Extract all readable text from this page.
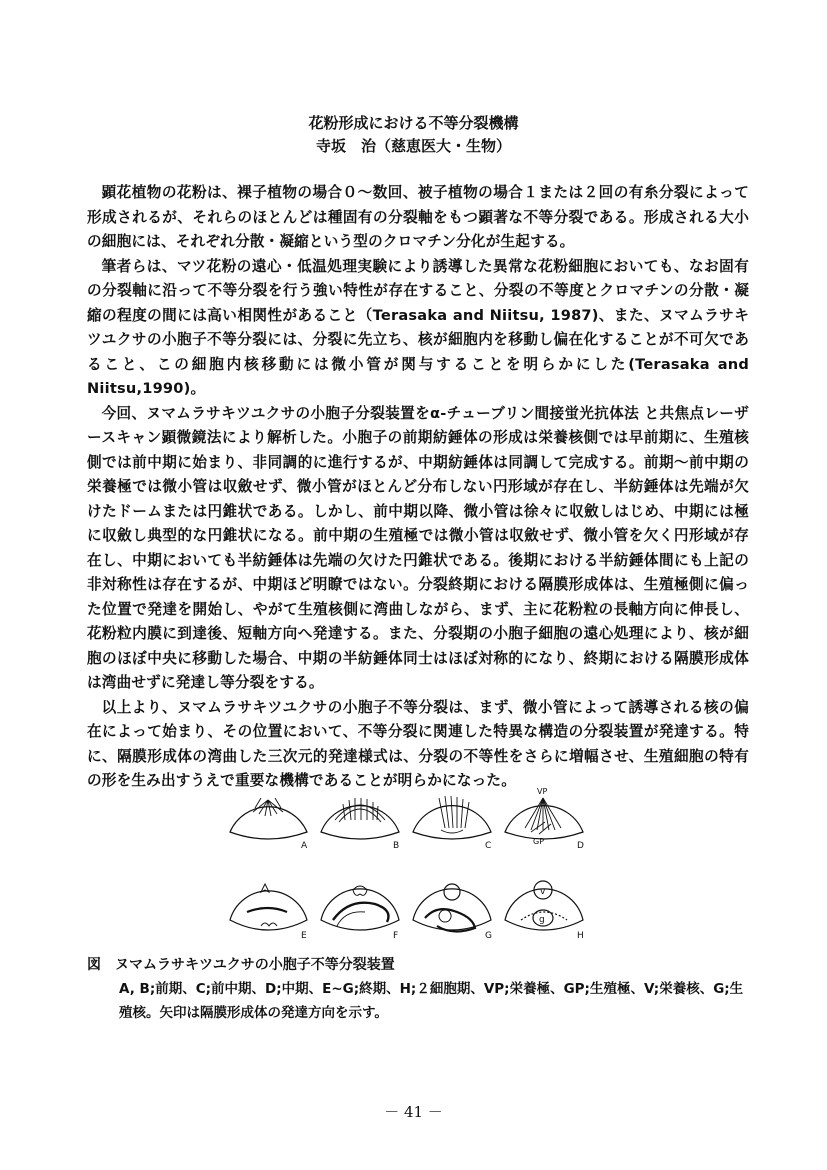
花粉形成における不等分裂機構
寺坂　治（慈恵医大・生物）

顕花植物の花粉は、裸子植物の場合０～数回、被子植物の場合１または２回の有糸分裂によって形成されるが、それらのほとんどは種固有の分裂軸をもつ顕著な不等分裂である。形成される大小の細胞には、それぞれ分散・凝縮という型のクロマチン分化が生起する。

筆者らは、マツ花粉の遠心・低温処理実験により誘導した異常な花粉細胞においても、なお固有の分裂軸に沿って不等分裂を行う強い特性が存在すること、分裂の不等度とクロマチンの分散・凝縮の程度の間には高い相関性があること（Terasaka and Niitsu, 1987)、また、ヌマムラサキツユクサの小胞子不等分裂には、分裂に先立ち、核が細胞内を移動し偏在化することが不可欠であること、この細胞内核移動には微小管が関与することを明らかにした(Terasaka and Niitsu,1990)。

今回、ヌマムラサキツユクサの小胞子分裂装置をα-チューブリン間接蛍光抗体法 と共焦点レーザースキャン顕微鏡法により解析した。小胞子の前期紡錘体の形成は栄養核側では早前期に、生殖核側では前中期に始まり、非同調的に進行するが、中期紡錘体は同調して完成する。前期～前中期の栄養極では微小管は収斂せず、微小管がほとんど分布しない円形域が存在し、半紡錘体は先端が欠けたドームまたは円錐状である。しかし、前中期以降、微小管は徐々に収斂しはじめ、中期には極に収斂し典型的な円錐状になる。前中期の生殖極では微小管は収斂せず、微小管を欠く円形域が存在し、中期においても半紡錘体は先端の欠けた円錐状である。後期における半紡錘体間にも上記の非対称性は存在するが、中期ほど明瞭ではない。分裂終期における隔膜形成体は、生殖極側に偏った位置で発達を開始し、やがて生殖核側に湾曲しながら、まず、主に花粉粒の長軸方向に伸長し、花粉粒内膜に到達後、短軸方向へ発達する。また、分裂期の小胞子細胞の遠心処理により、核が細胞のほぼ中央に移動した場合、中期の半紡錘体同士はほぼ対称的になり、終期における隔膜形成体は湾曲せずに発達し等分裂をする。

以上より、ヌマムラサキツユクサの小胞子不等分裂は、まず、微小管によって誘導される核の偏在によって始まり、その位置において、不等分裂に関連した特異な構造の分裂装置が発達する。特に、隔膜形成体の湾曲した三次元的発達様式は、分裂の不等性をさらに増幅させ、生殖細胞の特有の形を生み出すうえで重要な機構であることが明らかになった。

A	B	C
VP
GP	D
E	F	G
v
g
H
図　ヌマムラサキツユクサの小胞子不等分裂装置
A, B;前期、C;前中期、D;中期、E~G;終期、H;２細胞期、VP;栄養極、GP;生殖極、V;栄養核、G;生殖核。矢印は隔膜形成体の発達方向を示す。
－ 41 －
